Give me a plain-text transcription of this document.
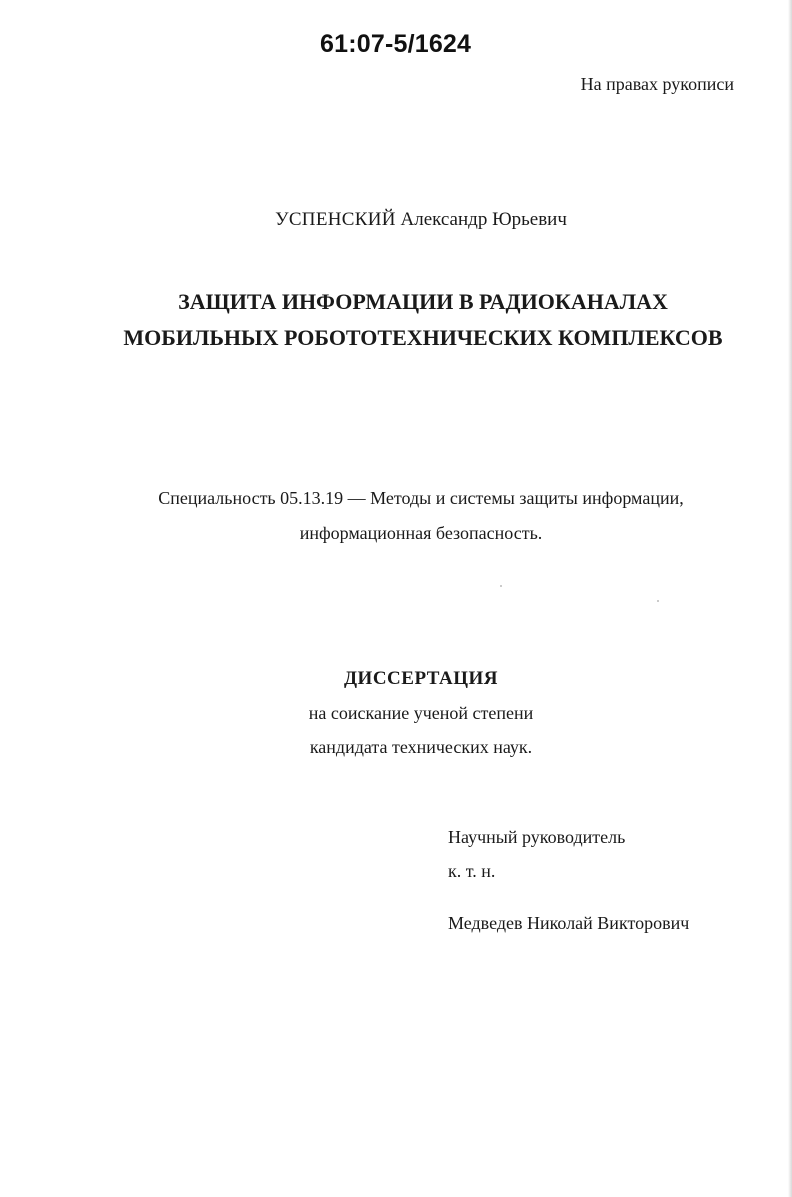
61:07-5/1624
На правах рукописи
УСПЕНСКИЙ Александр Юрьевич
ЗАЩИТА ИНФОРМАЦИИ В РАДИОКАНАЛАХ
МОБИЛЬНЫХ РОБОТОТЕХНИЧЕСКИХ КОМПЛЕКСОВ
Специальность 05.13.19 — Методы и системы защиты информации,
информационная безопасность.
ДИССЕРТАЦИЯ
на соискание ученой степени
кандидата технических наук.
Научный руководитель
к. т. н.
Медведев Николай Викторович
